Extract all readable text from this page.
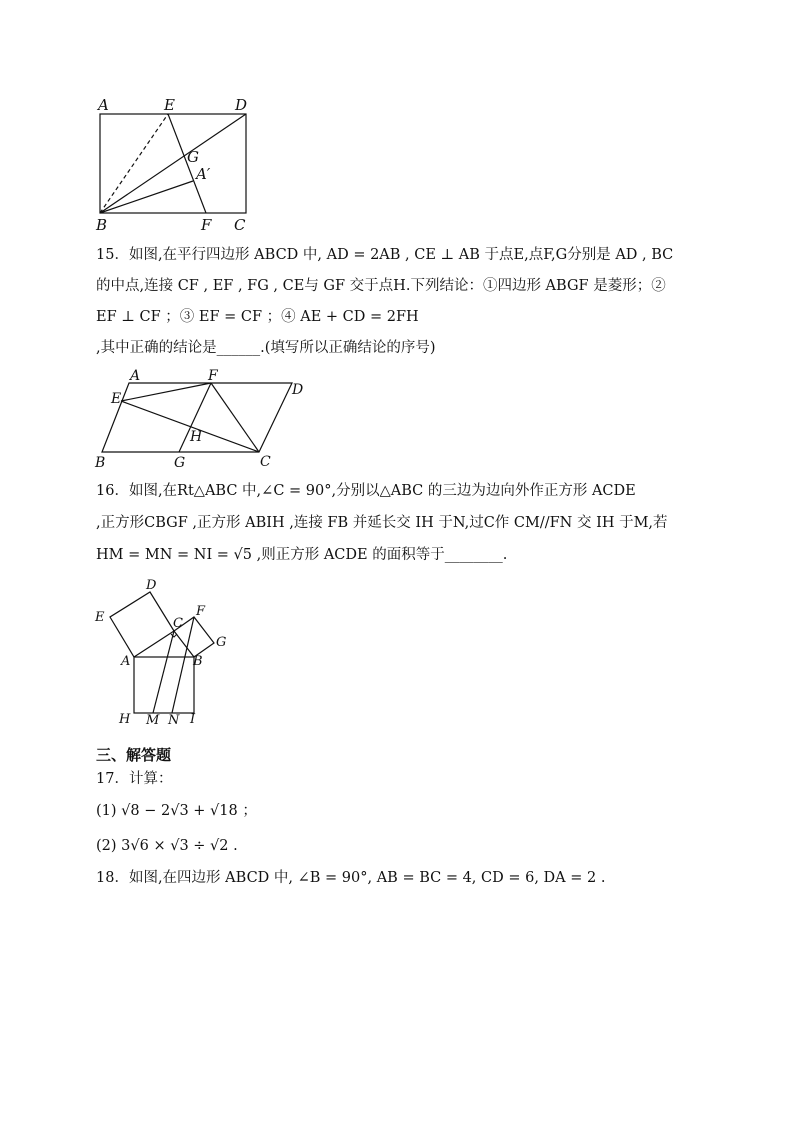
A	E	D
G
A′
B	F C
15．如图,在平行四边形 ABCD 中, AD = 2AB , CE ⊥ AB 于点E,点F,G分别是 AD , BC
的中点,连接 CF , EF , FG , CE与 GF 交于点H.下列结论：①四边形 ABGF 是菱形；②
EF ⊥ CF ；③ EF = CF ；④ AE + CD = 2FH
,其中正确的结论是______.(填写所以正确结论的序号)
A	F
D
E
H
B	G	C
16．如图,在Rt△ABC 中,∠C = 90°,分别以△ABC 的三边为边向外作正方形 ACDE
,正方形CBGF ,正方形 ABIH ,连接 FB 并延长交 IH 于N,过C作 CM//FN 交 IH 于M,若
HM = MN = NI = √5 ,则正方形 ACDE 的面积等于________.
D
E	C
F
G
A	B
H M N I
三、解答题
17．计算：
(1) √8 − 2√3 + √18 ；
(2) 3√6 × √3 ÷ √2 .
18．如图,在四边形 ABCD 中, ∠B = 90°, AB = BC = 4, CD = 6, DA = 2 .
